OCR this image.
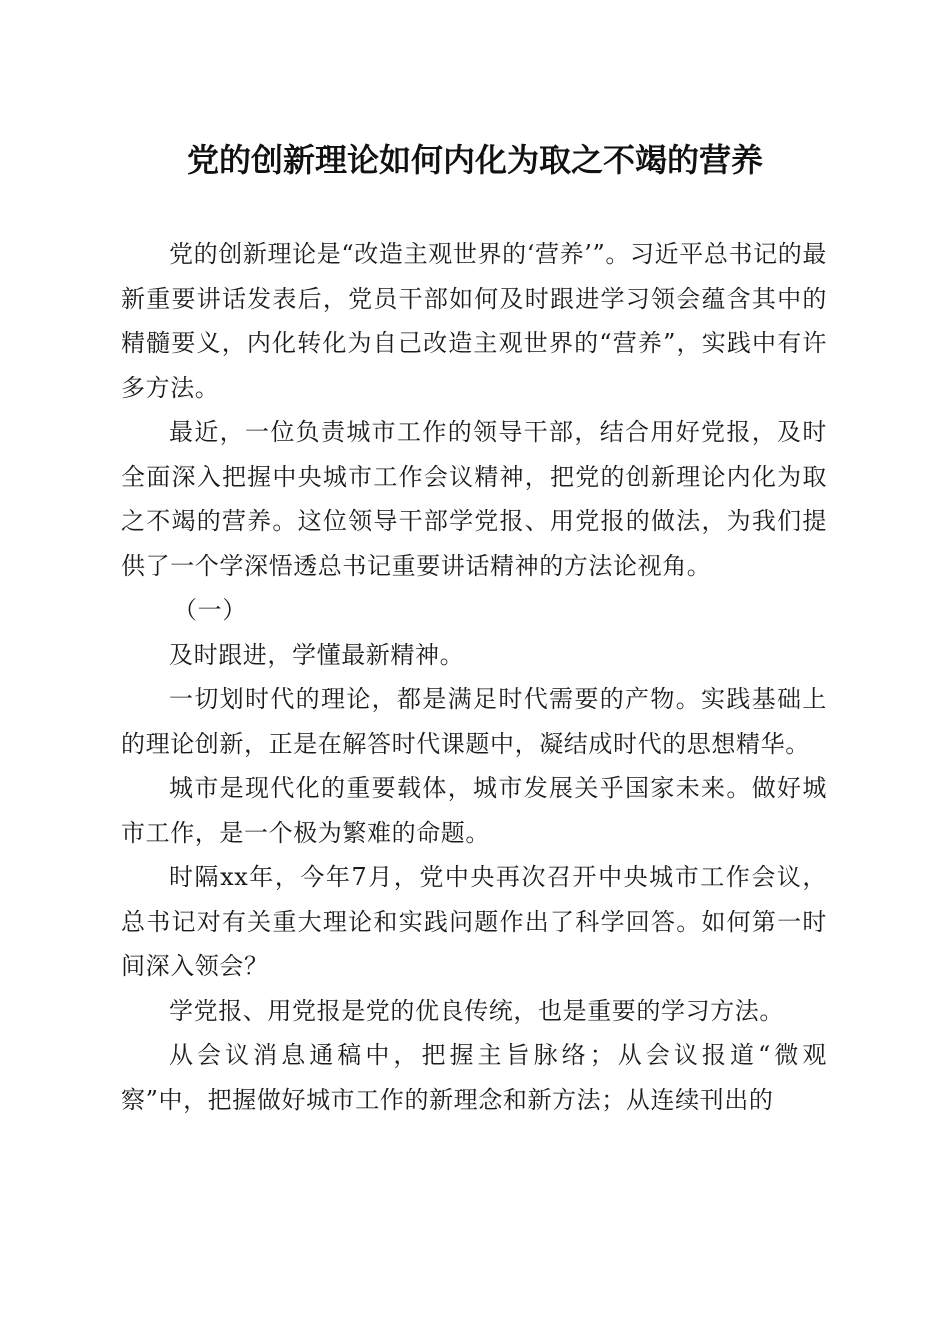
党的创新理论如何内化为取之不竭的营养

党的创新理论是“改造主观世界的‘营养’”。习近平总书记的最新重要讲话发表后，党员干部如何及时跟进学习领会蕴含其中的精髓要义，内化转化为自己改造主观世界的“营养”，实践中有许多方法。

最近，一位负责城市工作的领导干部，结合用好党报，及时全面深入把握中央城市工作会议精神，把党的创新理论内化为取之不竭的营养。这位领导干部学党报、用党报的做法，为我们提供了一个学深悟透总书记重要讲话精神的方法论视角。

（一）

及时跟进，学懂最新精神。

一切划时代的理论，都是满足时代需要的产物。实践基础上的理论创新，正是在解答时代课题中，凝结成时代的思想精华。

城市是现代化的重要载体，城市发展关乎国家未来。做好城市工作，是一个极为繁难的命题。

时隔xx年，今年7月，党中央再次召开中央城市工作会议，总书记对有关重大理论和实践问题作出了科学回答。如何第一时间深入领会？

学党报、用党报是党的优良传统，也是重要的学习方法。

从会议消息通稿中，把握主旨脉络；从会议报道“微观察”中，把握做好城市工作的新理念和新方法；从连续刊出的
